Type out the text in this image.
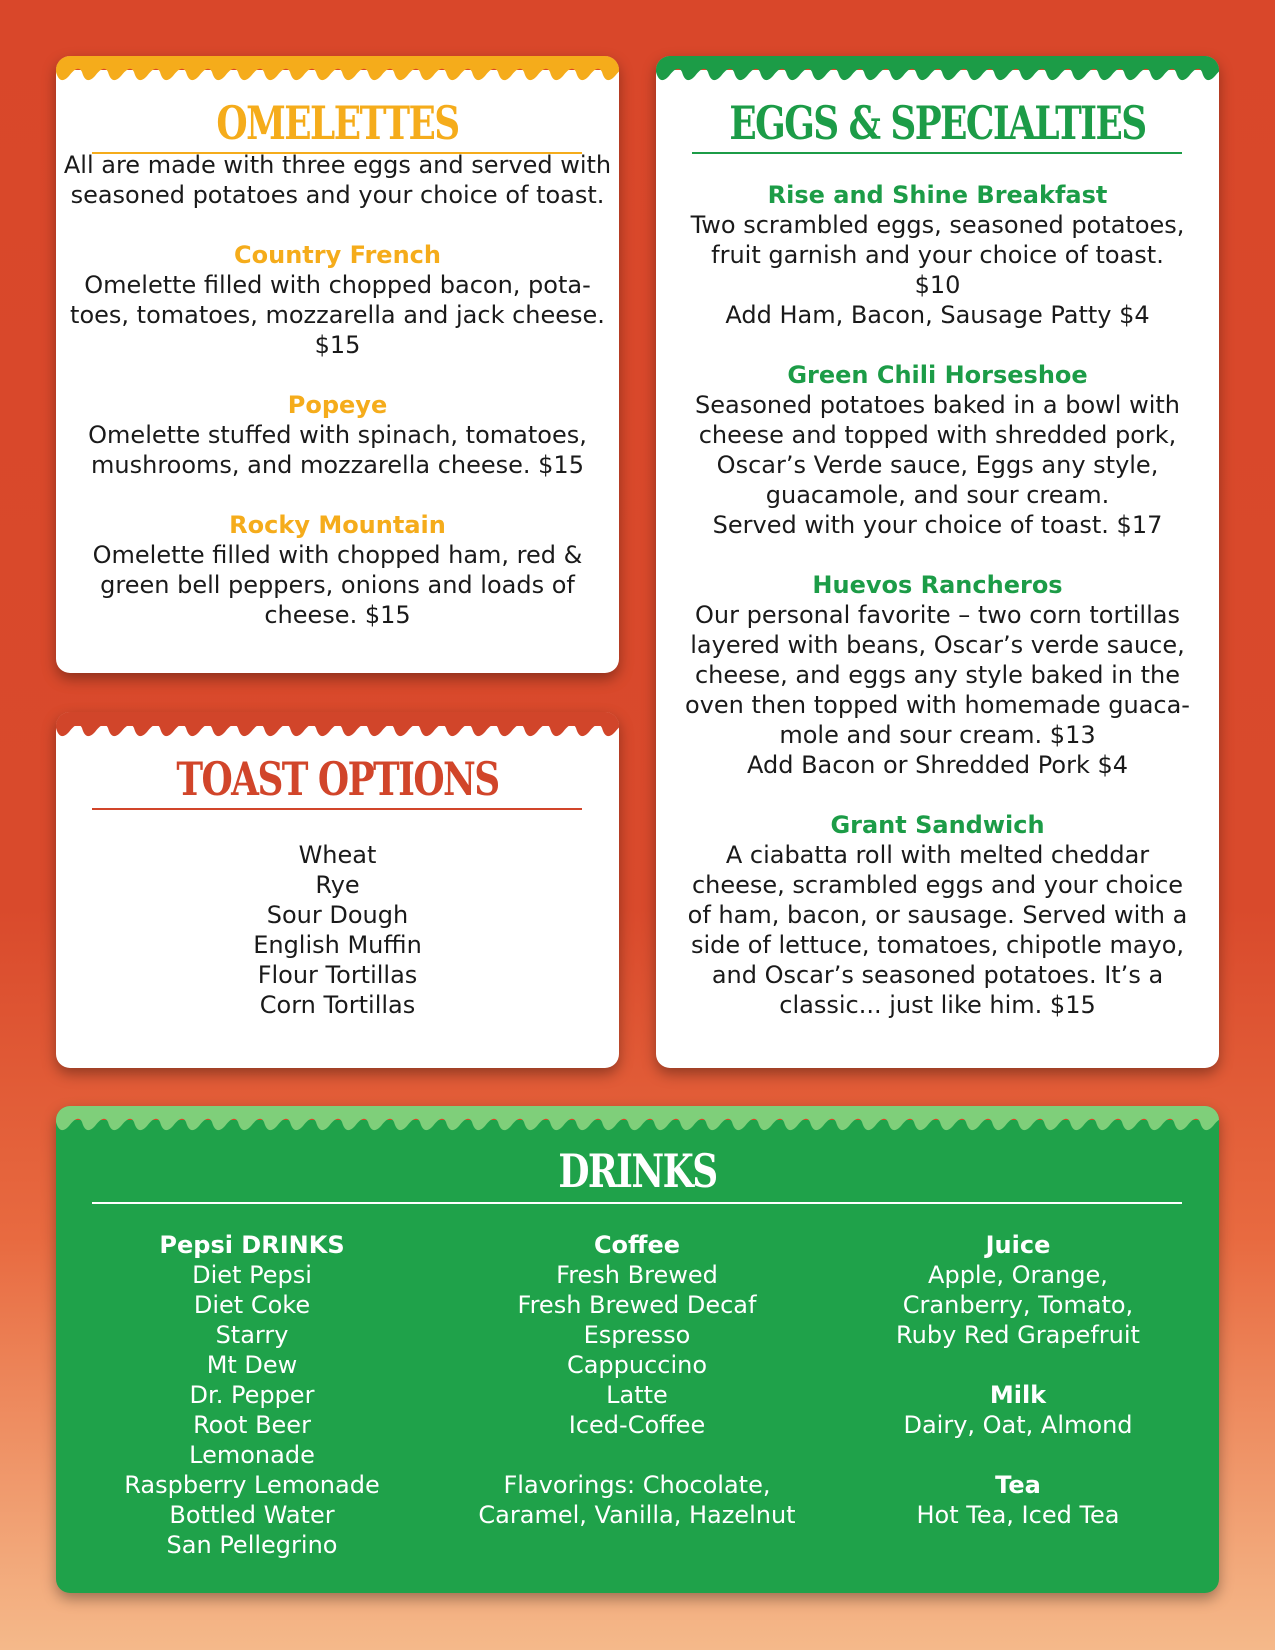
OMELETTES
All are made with three eggs and served with
seasoned potatoes and your choice of toast.
Country French
Omelette filled with chopped bacon, pota-
toes, tomatoes, mozzarella and jack cheese.
$15
Popeye
Omelette stuffed with spinach, tomatoes,
mushrooms, and mozzarella cheese. $15
Rocky Mountain
Omelette filled with chopped ham, red &
green bell peppers, onions and loads of
cheese. $15
TOAST OPTIONS
Wheat
Rye
Sour Dough
English Muffin
Flour Tortillas
Corn Tortillas
EGGS & SPECIALTIES
Rise and Shine Breakfast
Two scrambled eggs, seasoned potatoes,
fruit garnish and your choice of toast.
$10
Add Ham, Bacon, Sausage Patty $4
Green Chili Horseshoe
Seasoned potatoes baked in a bowl with
cheese and topped with shredded pork,
Oscar’s Verde sauce, Eggs any style,
guacamole, and sour cream.
Served with your choice of toast. $17
Huevos Rancheros
Our personal favorite – two corn tortillas
layered with beans, Oscar’s verde sauce,
cheese, and eggs any style baked in the
oven then topped with homemade guaca-
mole and sour cream. $13
Add Bacon or Shredded Pork $4
Grant Sandwich
A ciabatta roll with melted cheddar
cheese, scrambled eggs and your choice
of ham, bacon, or sausage. Served with a
side of lettuce, tomatoes, chipotle mayo,
and Oscar’s seasoned potatoes. It’s a
classic... just like him. $15
DRINKS
Pepsi DRINKS
Diet Pepsi
Diet Coke
Starry
Mt Dew
Dr. Pepper
Root Beer
Lemonade
Raspberry Lemonade
Bottled Water
San Pellegrino
Coffee
Fresh Brewed
Fresh Brewed Decaf
Espresso
Cappuccino
Latte
Iced-Coffee
Flavorings: Chocolate,
Caramel, Vanilla, Hazelnut
Juice
Apple, Orange,
Cranberry, Tomato,
Ruby Red Grapefruit
Milk
Dairy, Oat, Almond
Tea
Hot Tea, Iced Tea
